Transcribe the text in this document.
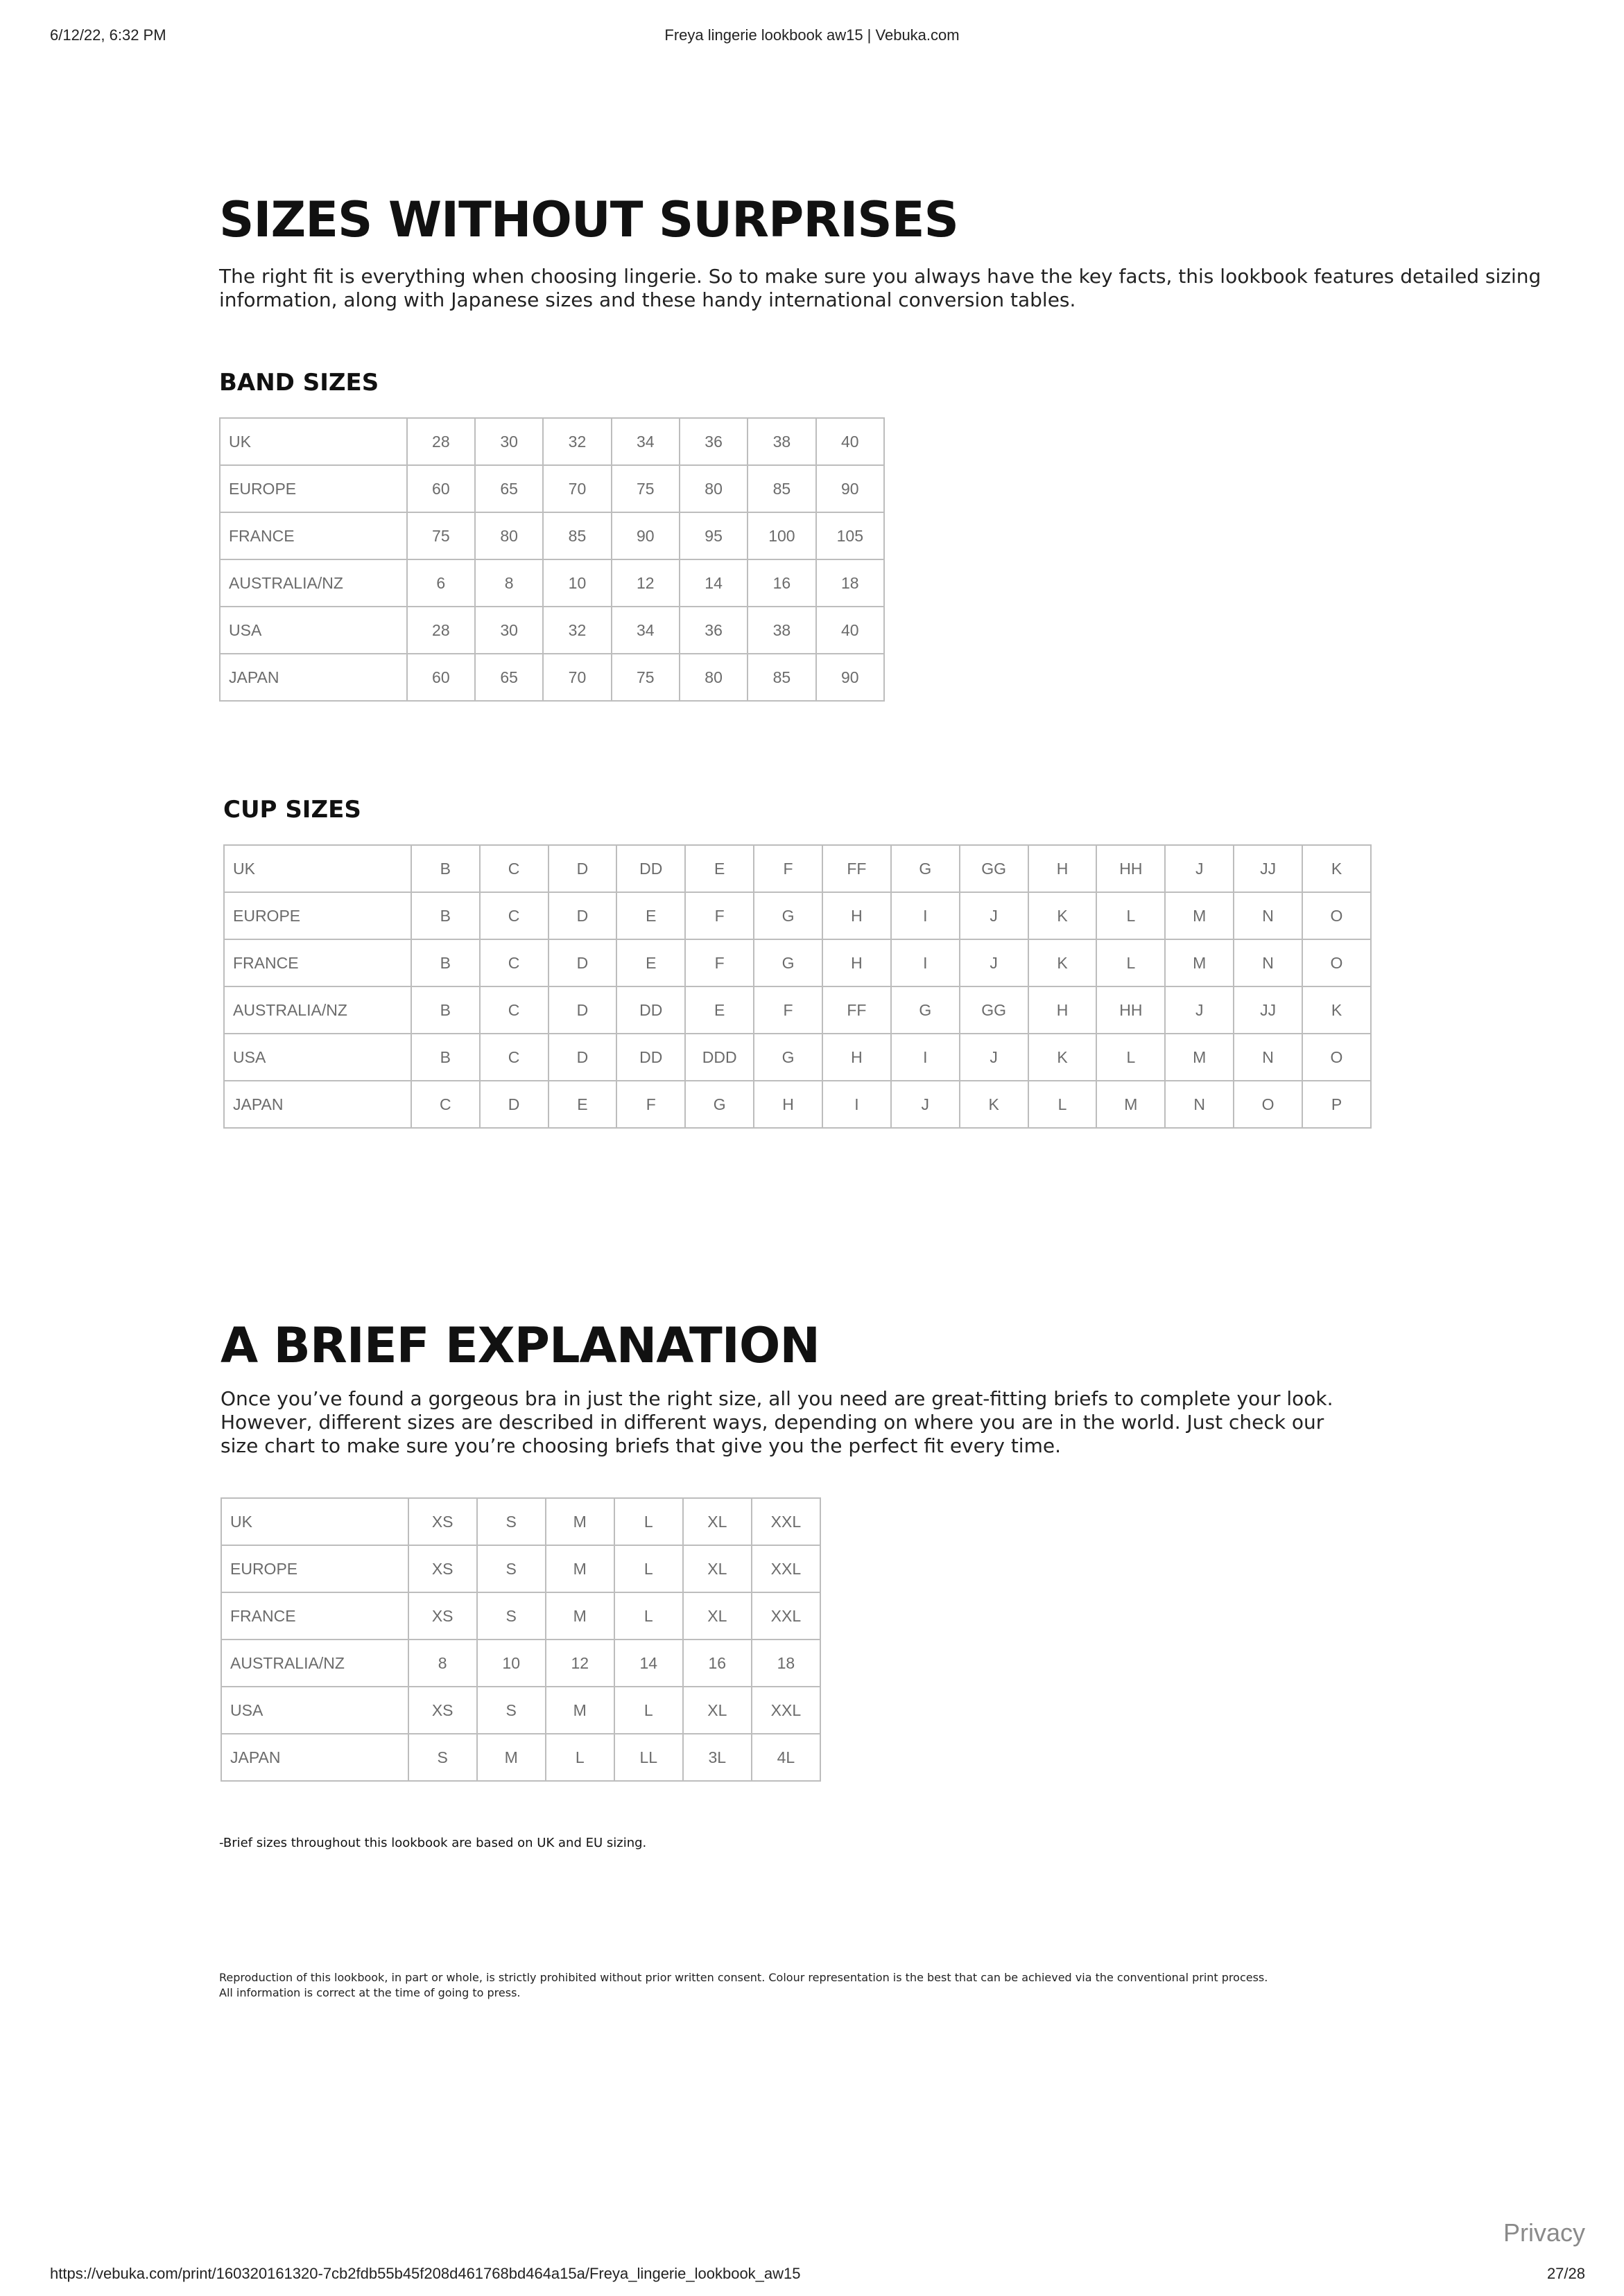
6/12/22, 6:32 PM	Freya lingerie lookbook aw15 | Vebuka.com
SIZES WITHOUT SURPRISES

The right fit is everything when choosing lingerie. So to make sure you always have the key facts, this lookbook features detailed sizing

information, along with Japanese sizes and these handy international conversion tables.

BAND SIZES
UK	28	30	32	34	36	38	40
EUROPE	60	65	70	75	80	85	90
FRANCE	75	80	85	90	95	100	105
AUSTRALIA/NZ	6	8	10	12	14	16	18
USA	28	30	32	34	36	38	40
JAPAN	60	65	70	75	80	85	90
CUP SIZES
UK	B	C	D	DD	E	F	FF	G	GG	H	HH	J	JJ	K
EUROPE	B	C	D	E	F	G	H	I	J	K	L	M	N	O
FRANCE	B	C	D	E	F	G	H	I	J	K	L	M	N	O
AUSTRALIA/NZ	B	C	D	DD	E	F	FF	G	GG	H	HH	J	JJ	K
USA	B	C	D	DD	DDD	G	H	I	J	K	L	M	N	O
JAPAN	C	D	E	F	G	H	I	J	K	L	M	N	O	P
A BRIEF EXPLANATION

Once you’ve found a gorgeous bra in just the right size, all you need are great-fitting briefs to complete your look.

However, different sizes are described in different ways, depending on where you are in the world. Just check our

size chart to make sure you’re choosing briefs that give you the perfect fit every time.

UK	XS	S	M	L	XL	XXL
EUROPE	XS	S	M	L	XL	XXL
FRANCE	XS	S	M	L	XL	XXL
AUSTRALIA/NZ	8	10	12	14	16	18
USA	XS	S	M	L	XL	XXL
JAPAN	S	M	L	LL	3L	4L
-Brief sizes throughout this lookbook are based on UK and EU sizing.
Reproduction of this lookbook, in part or whole, is strictly prohibited without prior written consent. Colour representation is the best that can be achieved via the conventional print process.
All information is correct at the time of going to press.
Privacy
https://vebuka.com/print/160320161320-7cb2fdb55b45f208d461768bd464a15a/Freya_lingerie_lookbook_aw15	27/28
